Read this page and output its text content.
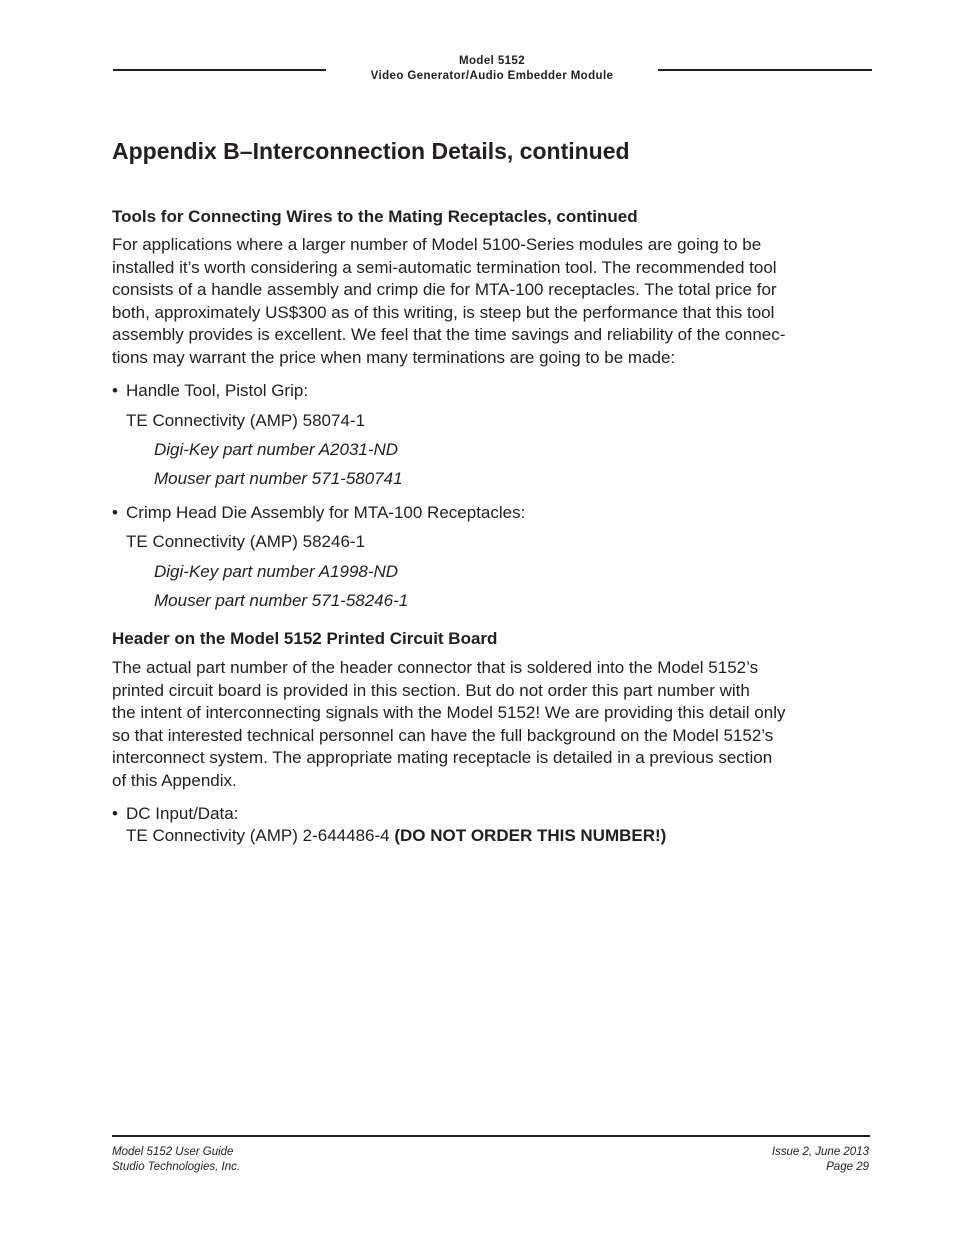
Model 5152
Video Generator/Audio Embedder Module
Appendix B–Interconnection Details, continued
Tools for Connecting Wires to the Mating Receptacles, continued

For applications where a larger number of Model 5100-Series modules are going to be
installed it’s worth considering a semi-automatic termination tool. The recommended tool
consists of a handle assembly and crimp die for MTA-100 receptacles. The total price for
both, approximately US$300 as of this writing, is steep but the performance that this tool
assembly provides is excellent. We feel that the time savings and reliability of the connec-
tions may warrant the price when many terminations are going to be made:

• Handle Tool, Pistol Grip:

TE Connectivity (AMP) 58074-1

Digi-Key part number A2031-ND

Mouser part number 571-580741

• Crimp Head Die Assembly for MTA-100 Receptacles:

TE Connectivity (AMP) 58246-1

Digi-Key part number A1998-ND

Mouser part number 571-58246-1

Header on the Model 5152 Printed Circuit Board

The actual part number of the header connector that is soldered into the Model 5152’s
printed circuit board is provided in this section. But do not order this part number with
the intent of interconnecting signals with the Model 5152! We are providing this detail only
so that interested technical personnel can have the full background on the Model 5152’s
interconnect system. The appropriate mating receptacle is detailed in a previous section
of this Appendix.

• DC Input/Data:

TE Connectivity (AMP) 2-644486-4 (DO NOT ORDER THIS NUMBER!)

Model 5152 User Guide
Studio Technologies, Inc.
Issue 2, June 2013
Page 29
